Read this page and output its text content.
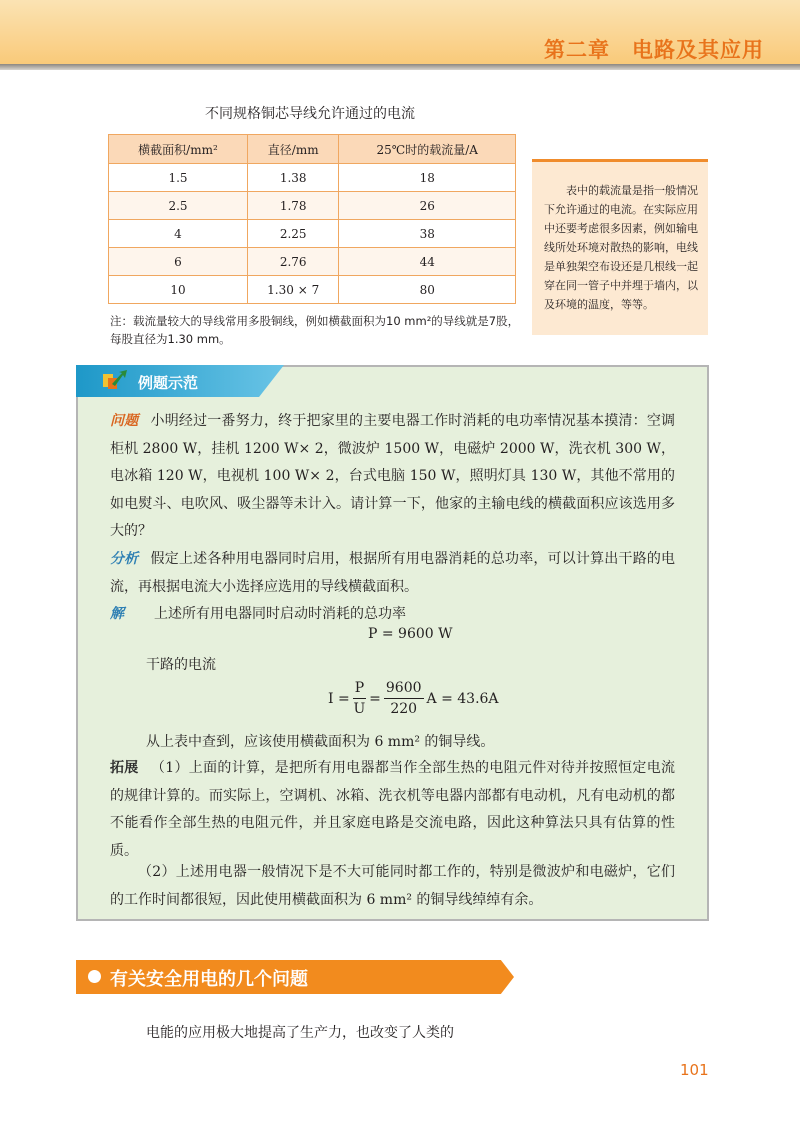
第二章 电路及其应用
不同规格铜芯导线允许通过的电流
横截面积/mm²	直径/mm	25℃时的载流量/A
1.5	1.38	18
2.5	1.78	26
4	2.25	38
6	2.76	44
10	1.30 × 7	80
注：载流量较大的导线常用多股铜线，例如横截面积为10 mm²的导线就是7股，每股直径为1.30 mm。
表中的载流量是指一般情况下允许通过的电流。在实际应用中还要考虑很多因素，例如输电线所处环境对散热的影响，电线是单独架空布设还是几根线一起穿在同一管子中并埋于墙内，以及环境的温度，等等。
例题示范
问题 小明经过一番努力，终于把家里的主要电器工作时消耗的电功率情况基本摸清：空调柜机 2800 W，挂机 1200 W× 2，微波炉 1500 W，电磁炉 2000 W，洗衣机 300 W，电冰箱 120 W，电视机 100 W× 2，台式电脑 150 W，照明灯具 130 W，其他不常用的如电熨斗、电吹风、吸尘器等未计入。请计算一下，他家的主输电线的横截面积应该选用多大的？
分析 假定上述各种用电器同时启用，根据所有用电器消耗的总功率，可以计算出干路的电流，再根据电流大小选择应选用的导线横截面积。
解 上述所有用电器同时启动时消耗的总功率
P = 9600 W
干路的电流
$I = \frac{P}{U} = \frac{9600}{220}$ A = 43.6A
从上表中查到，应该使用横截面积为 6 mm² 的铜导线。
拓展 （1）上面的计算，是把所有用电器都当作全部生热的电阻元件对待并按照恒定电流的规律计算的。而实际上，空调机、冰箱、洗衣机等电器内部都有电动机，凡有电动机的都不能看作全部生热的电阻元件，并且家庭电路是交流电路，因此这种算法只具有估算的性质。
（2）上述用电器一般情况下是不大可能同时都工作的，特别是微波炉和电磁炉，它们的工作时间都很短，因此使用横截面积为 6 mm² 的铜导线绰绰有余。
有关安全用电的几个问题
电能的应用极大地提高了生产力，也改变了人类的
101
